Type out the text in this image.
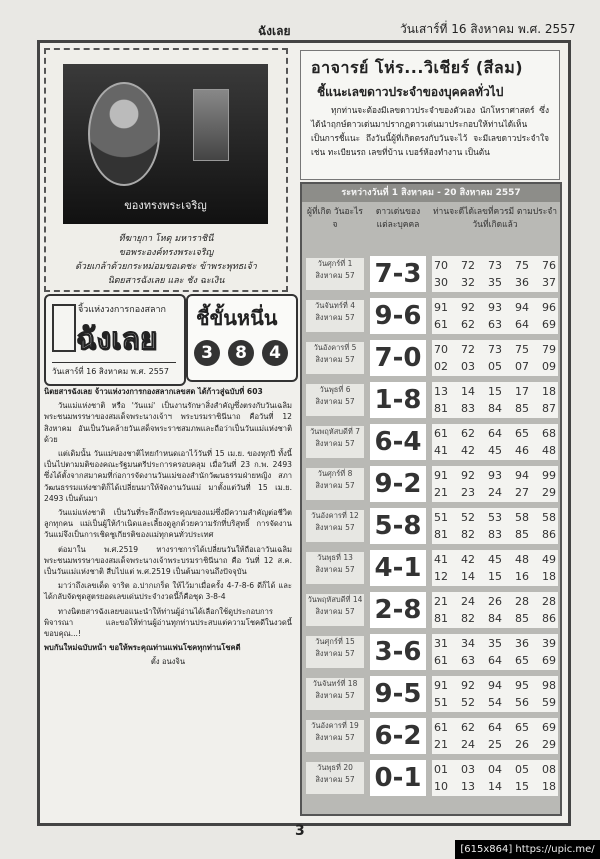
ฉังเลย	วันเสาร์ที่ 16 สิงหาคม พ.ศ. 2557
ของทรงพระเจริญ
ทีฆายุกา โหตุ มหาราชินี
ขอพระองค์ทรงพระเจริญ
ด้วยเกล้าด้วยกระหม่อมขอเดชะ ข้าพระพุทธเจ้า
นิตยสารฉังเลย และ ชัง ฉะเงิน
จิ้วแห่งวงการกองสลาก
ฉังเลย
วันเสาร์ที่ 16 สิงหาคม พ.ศ. 2557
ชี้ขั้นหนึ่น
3	8	4

นิตยสารฉังเลย จ้าวแห่งวงการกองสลากเลขสด ได้ก้าวสู่ฉบับที่ 603

วันแม่แห่งชาติ หรือ 'วันแม่' เป็นงานรักษาสิ่งสำคัญซึ่งตรงกับวันเฉลิมพระชนมพรรษาของสมเด็จพระนางเจ้าฯ พระบรมราชินีนาถ คือวันที่ 12 สิงหาคม อันเป็นวันคล้ายวันเสด็จพระราชสมภพและถือว่าเป็นวันแม่แห่งชาติด้วย

แต่เดิมนั้น วันแม่ของชาติไทยกำหนดเอาไว้วันที่ 15 เม.ย. ของทุกปี ทั้งนี้เป็นไปตามมติของคณะรัฐมนตรีประการครอบคลุม เมื่อวันที่ 23 ก.พ. 2493 ซึ่งได้ตั้งจากสมาคมที่ก่อการจัดงานวันแม่ของสำนักวัฒนธรรมฝ่ายหญิง สภาวัฒนธรรมแห่งชาติก็ได้เปลี่ยนมาให้จัดงานวันแม่ มาตั้งแต่วันที่ 15 เม.ย. 2493 เป็นต้นมา

วันแม่แห่งชาติ เป็นวันที่ระลึกถึงพระคุณของแม่ซึ่งมีความสำคัญต่อชีวิตลูกทุกคน แม่เป็นผู้ให้กำเนิดและเลี้ยงดูลูกด้วยความรักที่บริสุทธิ์ การจัดงานวันแม่จึงเป็นการเชิดชูเกียรติของแม่ทุกคนทั่วประเทศ

ต่อมาใน พ.ศ.2519 ทางราชการได้เปลี่ยนวันให้ถือเอาวันเฉลิมพระชนมพรรษาของสมเด็จพระนางเจ้าพระบรมราชินีนาถ คือ วันที่ 12 ส.ค. เป็นวันแม่แห่งชาติ สืบไปแต่ พ.ศ.2519 เป็นต้นมาจนถึงปัจจุบัน

มาว่าถึงเลขเด็ด จาริต อ.ปากเกร็ด ให้ไว้มาเมื่อครั้ง 4-7-8-6 ดีก็ได้ และได้กลับจัดชุดสูตรยอดเลขเด่นประจำงวดนี้ก็คือชุด 3-8-4

ทางนิตยสารฉังเลยขอแนะนำให้ท่านผู้อ่านได้เลือกใช้ดูประกอบการพิจารณา และขอให้ท่านผู้อ่านทุกท่านประสบแต่ความโชคดีในงวดนี้ ขอบคุณ...!

พบกันใหม่ฉบับหน้า ขอให้พระคุณท่านแฟนโชคทุกท่านโชคดี

ตั้ง อนงจิน

อาจารย์ โห่ร...วิเชียร์ (สีลม)
ชี้แนะเลขดาวประจำของบุคคลทั่วไป
ทุกท่านจะต้องมีเลขดาวประจำของตัวเอง นักโหราศาสตร์ ซึ่งได้นำฤกษ์ดาวเด่นมาปรากฏดาวเด่นมาประกอบให้ท่านได้เห็น เป็นการชี้แนะ ถึงวันนี้ผู้ที่เกิดตรงกับวันจะไว้ จะมีเลขดาวประจำใจ เช่น ทะเบียนรถ เลขที่บ้าน เบอร์ห้องทำงาน เป็นต้น
ระหว่างวันที่ 1 สิงหาคม - 20 สิงหาคม 2557
ผู้ที่เกิด วันอะไรจ
ดาวเด่นของ แต่ละบุคคล
ท่านจะดีได้เลขที่ควรมี ตามประจำวันที่เกิดแล้ว
วันศุกร์ที่ 1
สิงหาคม 57 7-3	70 72 73 75 76
30 32 35 36 37
วันจันทร์ที่ 4
สิงหาคม 57 9-6	91 92 93 94 96
61 62 63 64 69
วันอังคารที่ 5
สิงหาคม 57 7-0	70 72 73 75 79
02 03 05 07 09
วันพุธที่ 6
สิงหาคม 57 1-8	13 14 15 17 18
81 83 84 85 87
วันพฤหัสบดีที่ 7
สิงหาคม 57 6-4	61 62 64 65 68
41 42 45 46 48
วันศุกร์ที่ 8
สิงหาคม 57 9-2	91 92 93 94 99
21 23 24 27 29
วันอังคารที่ 12
สิงหาคม 57 5-8	51 52 53 58 58
81 82 83 85 86
วันพุธที่ 13
สิงหาคม 57 4-1	41 42 45 48 49
12 14 15 16 18
วันพฤหัสบดีที่ 14
สิงหาคม 57 2-8	21 24 26 28 28
81 82 84 85 86
วันศุกร์ที่ 15
สิงหาคม 57 3-6	31 34 35 36 39
61 63 64 65 69
วันจันทร์ที่ 18
สิงหาคม 57 9-5	91 92 94 95 98
51 52 54 56 59
วันอังคารที่ 19
สิงหาคม 57 6-2	61 62 64 65 69
21 24 25 26 29
วันพุธที่ 20
สิงหาคม 57 0-1	01 03 04 05 08
10 13 14 15 18
3
[615x864] https://upic.me/
